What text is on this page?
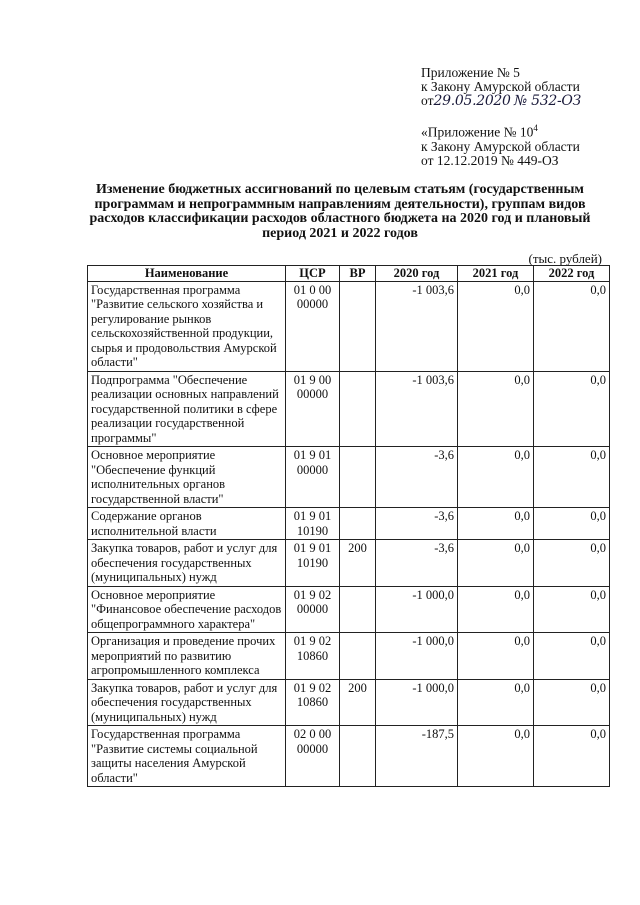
Приложение № 5
к Закону Амурской области
от29.05.2020 № 532-ОЗ
«Приложение № $10^4$
к Закону Амурской области
от 12.12.2019 № 449-ОЗ
Изменение бюджетных ассигнований по целевым статьям (государственным программам и непрограммным направлениям деятельности), группам видов расходов классификации расходов областного бюджета на 2020 год и плановый период 2021 и 2022 годов
(тыс. рублей)
Наименование	ЦСР	ВР	2020 год	2021 год	2022 год
Государственная программа "Развитие сельского хозяйства и регулирование рынков сельскохозяйственной продукции, сырья и продовольствия Амурской области"	01 0 00 00000		-1 003,6	0,0	0,0
Подпрограмма "Обеспечение реализации основных направлений государственной политики в сфере реализации государственной программы"	01 9 00 00000		-1 003,6	0,0	0,0
Основное мероприятие "Обеспечение функций исполнительных органов государственной власти"	01 9 01 00000		-3,6	0,0	0,0
Содержание органов исполнительной власти	01 9 01 10190		-3,6	0,0	0,0
Закупка товаров, работ и услуг для обеспечения государственных (муниципальных) нужд	01 9 01 10190	200	-3,6	0,0	0,0
Основное мероприятие "Финансовое обеспечение расходов общепрограммного характера"	01 9 02 00000		-1 000,0	0,0	0,0
Организация и проведение прочих мероприятий по развитию агропромышленного комплекса	01 9 02 10860		-1 000,0	0,0	0,0
Закупка товаров, работ и услуг для обеспечения государственных (муниципальных) нужд	01 9 02 10860	200	-1 000,0	0,0	0,0
Государственная программа "Развитие системы социальной защиты населения Амурской области"	02 0 00 00000		-187,5	0,0	0,0
